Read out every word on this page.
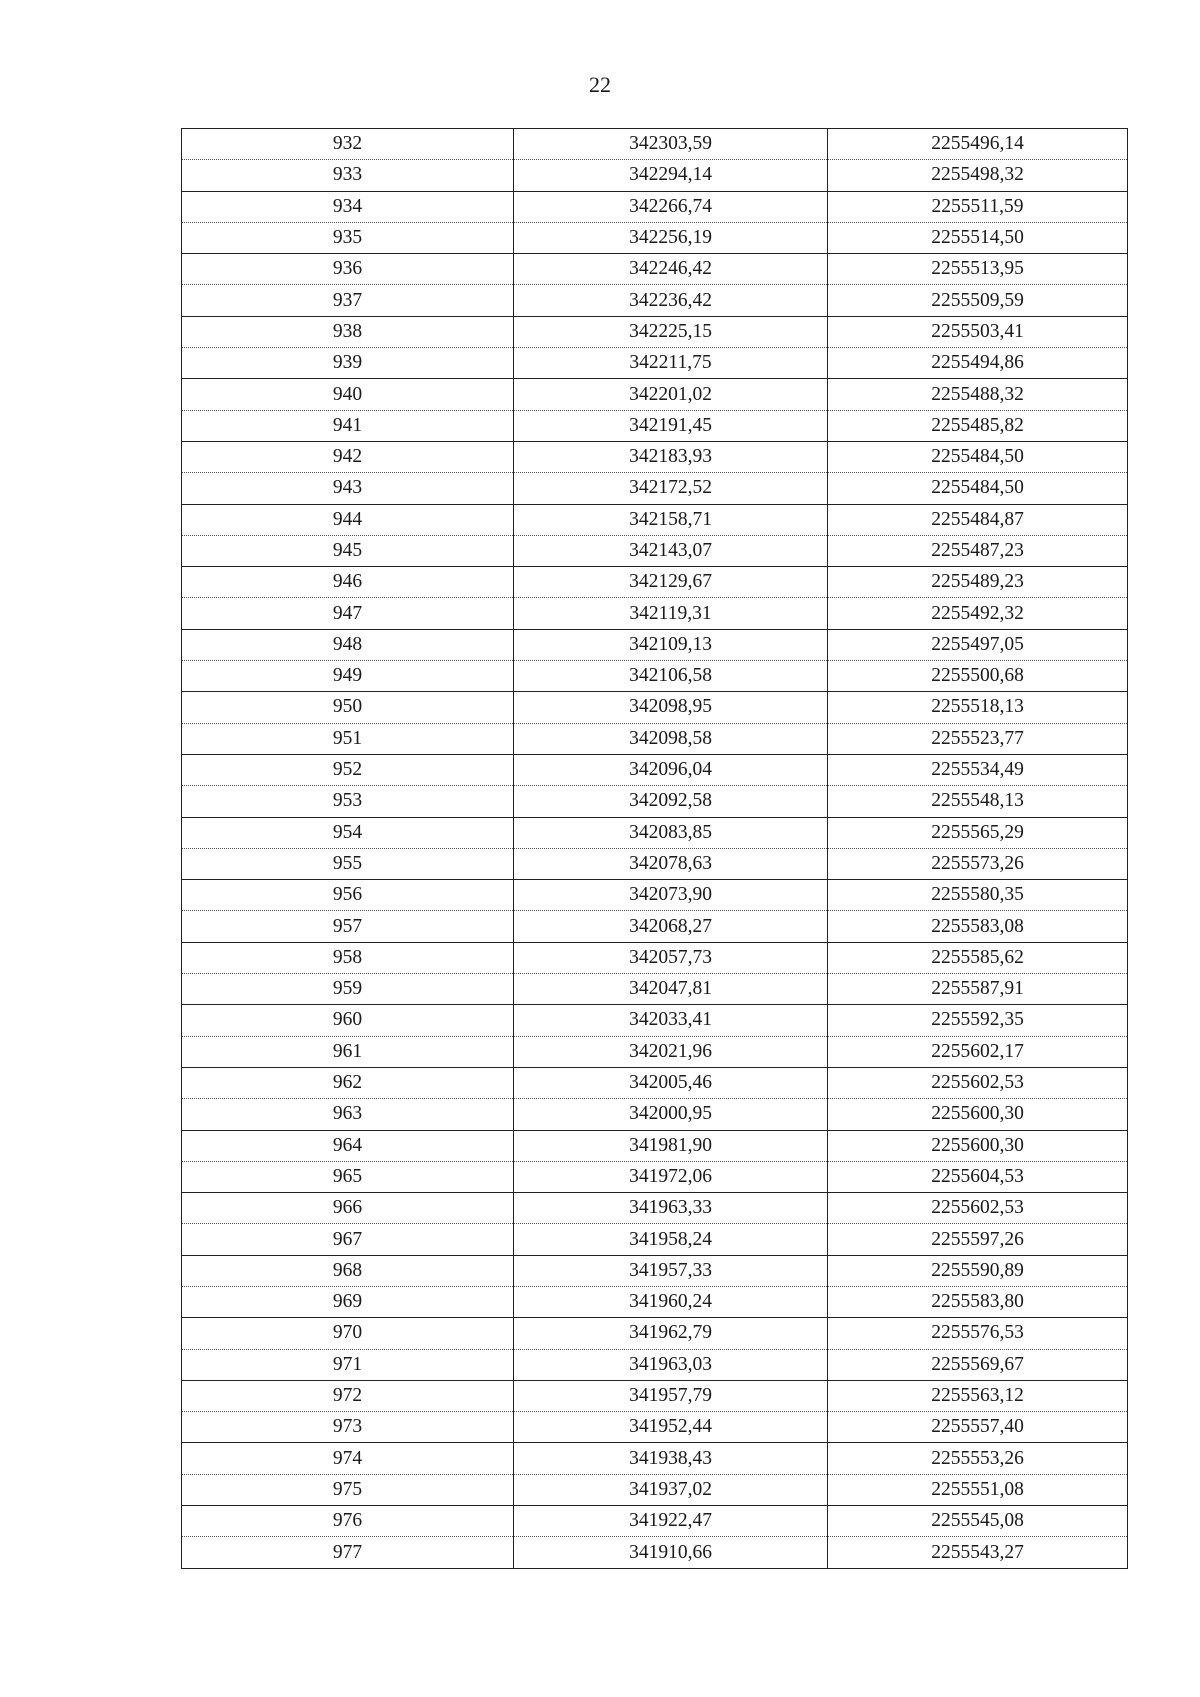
22
932	342303,59	2255496,14
933	342294,14	2255498,32
934	342266,74	2255511,59
935	342256,19	2255514,50
936	342246,42	2255513,95
937	342236,42	2255509,59
938	342225,15	2255503,41
939	342211,75	2255494,86
940	342201,02	2255488,32
941	342191,45	2255485,82
942	342183,93	2255484,50
943	342172,52	2255484,50
944	342158,71	2255484,87
945	342143,07	2255487,23
946	342129,67	2255489,23
947	342119,31	2255492,32
948	342109,13	2255497,05
949	342106,58	2255500,68
950	342098,95	2255518,13
951	342098,58	2255523,77
952	342096,04	2255534,49
953	342092,58	2255548,13
954	342083,85	2255565,29
955	342078,63	2255573,26
956	342073,90	2255580,35
957	342068,27	2255583,08
958	342057,73	2255585,62
959	342047,81	2255587,91
960	342033,41	2255592,35
961	342021,96	2255602,17
962	342005,46	2255602,53
963	342000,95	2255600,30
964	341981,90	2255600,30
965	341972,06	2255604,53
966	341963,33	2255602,53
967	341958,24	2255597,26
968	341957,33	2255590,89
969	341960,24	2255583,80
970	341962,79	2255576,53
971	341963,03	2255569,67
972	341957,79	2255563,12
973	341952,44	2255557,40
974	341938,43	2255553,26
975	341937,02	2255551,08
976	341922,47	2255545,08
977	341910,66	2255543,27
